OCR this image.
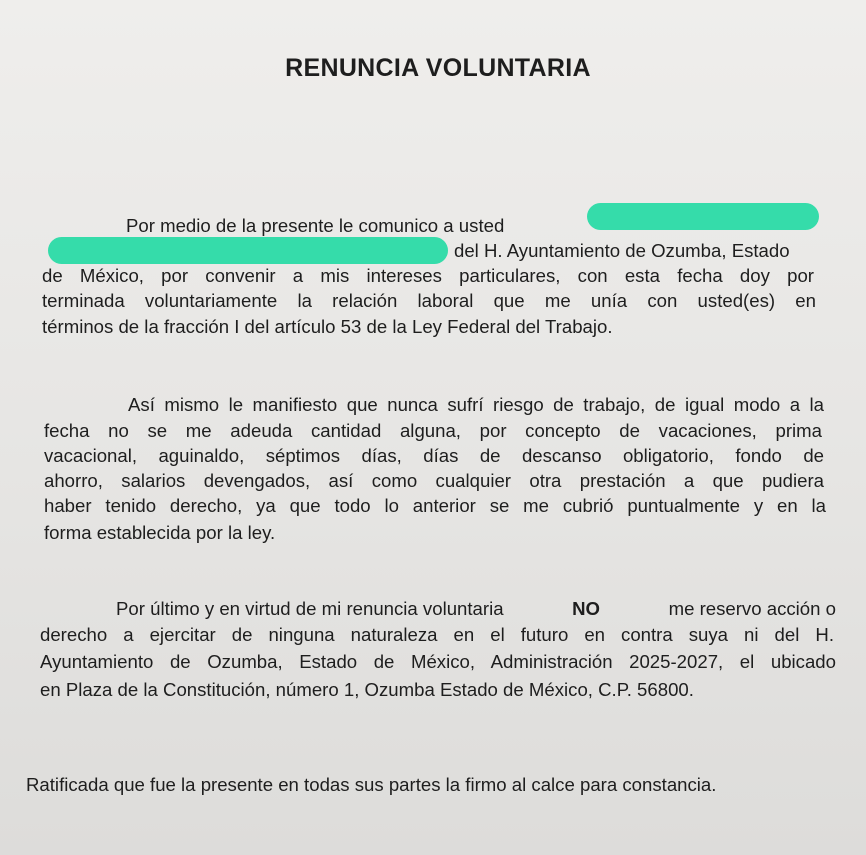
RENUNCIA VOLUNTARIA
Por medio de la presente le comunico a usted
del H. Ayuntamiento de Ozumba, Estado
de México, por convenir a mis intereses particulares, con esta fecha doy por
terminada voluntariamente la relación laboral que me unía con usted(es) en
términos de la fracción I del artículo 53 de la Ley Federal del Trabajo.
Así mismo le manifiesto que nunca sufrí riesgo de trabajo, de igual modo a la
fecha no se me adeuda cantidad alguna, por concepto de vacaciones, prima
vacacional, aguinaldo, séptimos días, días de descanso obligatorio, fondo de
ahorro, salarios devengados, así como cualquier otra prestación a que pudiera
haber tenido derecho, ya que todo lo anterior se me cubrió puntualmente y en la
forma establecida por la ley.
Por último y en virtud de mi renuncia voluntaria	NO	me reservo acción o
derecho a ejercitar de ninguna naturaleza en el futuro en contra suya ni del H.
Ayuntamiento de Ozumba, Estado de México, Administración 2025-2027, el ubicado
en Plaza de la Constitución, número 1, Ozumba Estado de México, C.P. 56800.
Ratificada que fue la presente en todas sus partes la firmo al calce para constancia.
